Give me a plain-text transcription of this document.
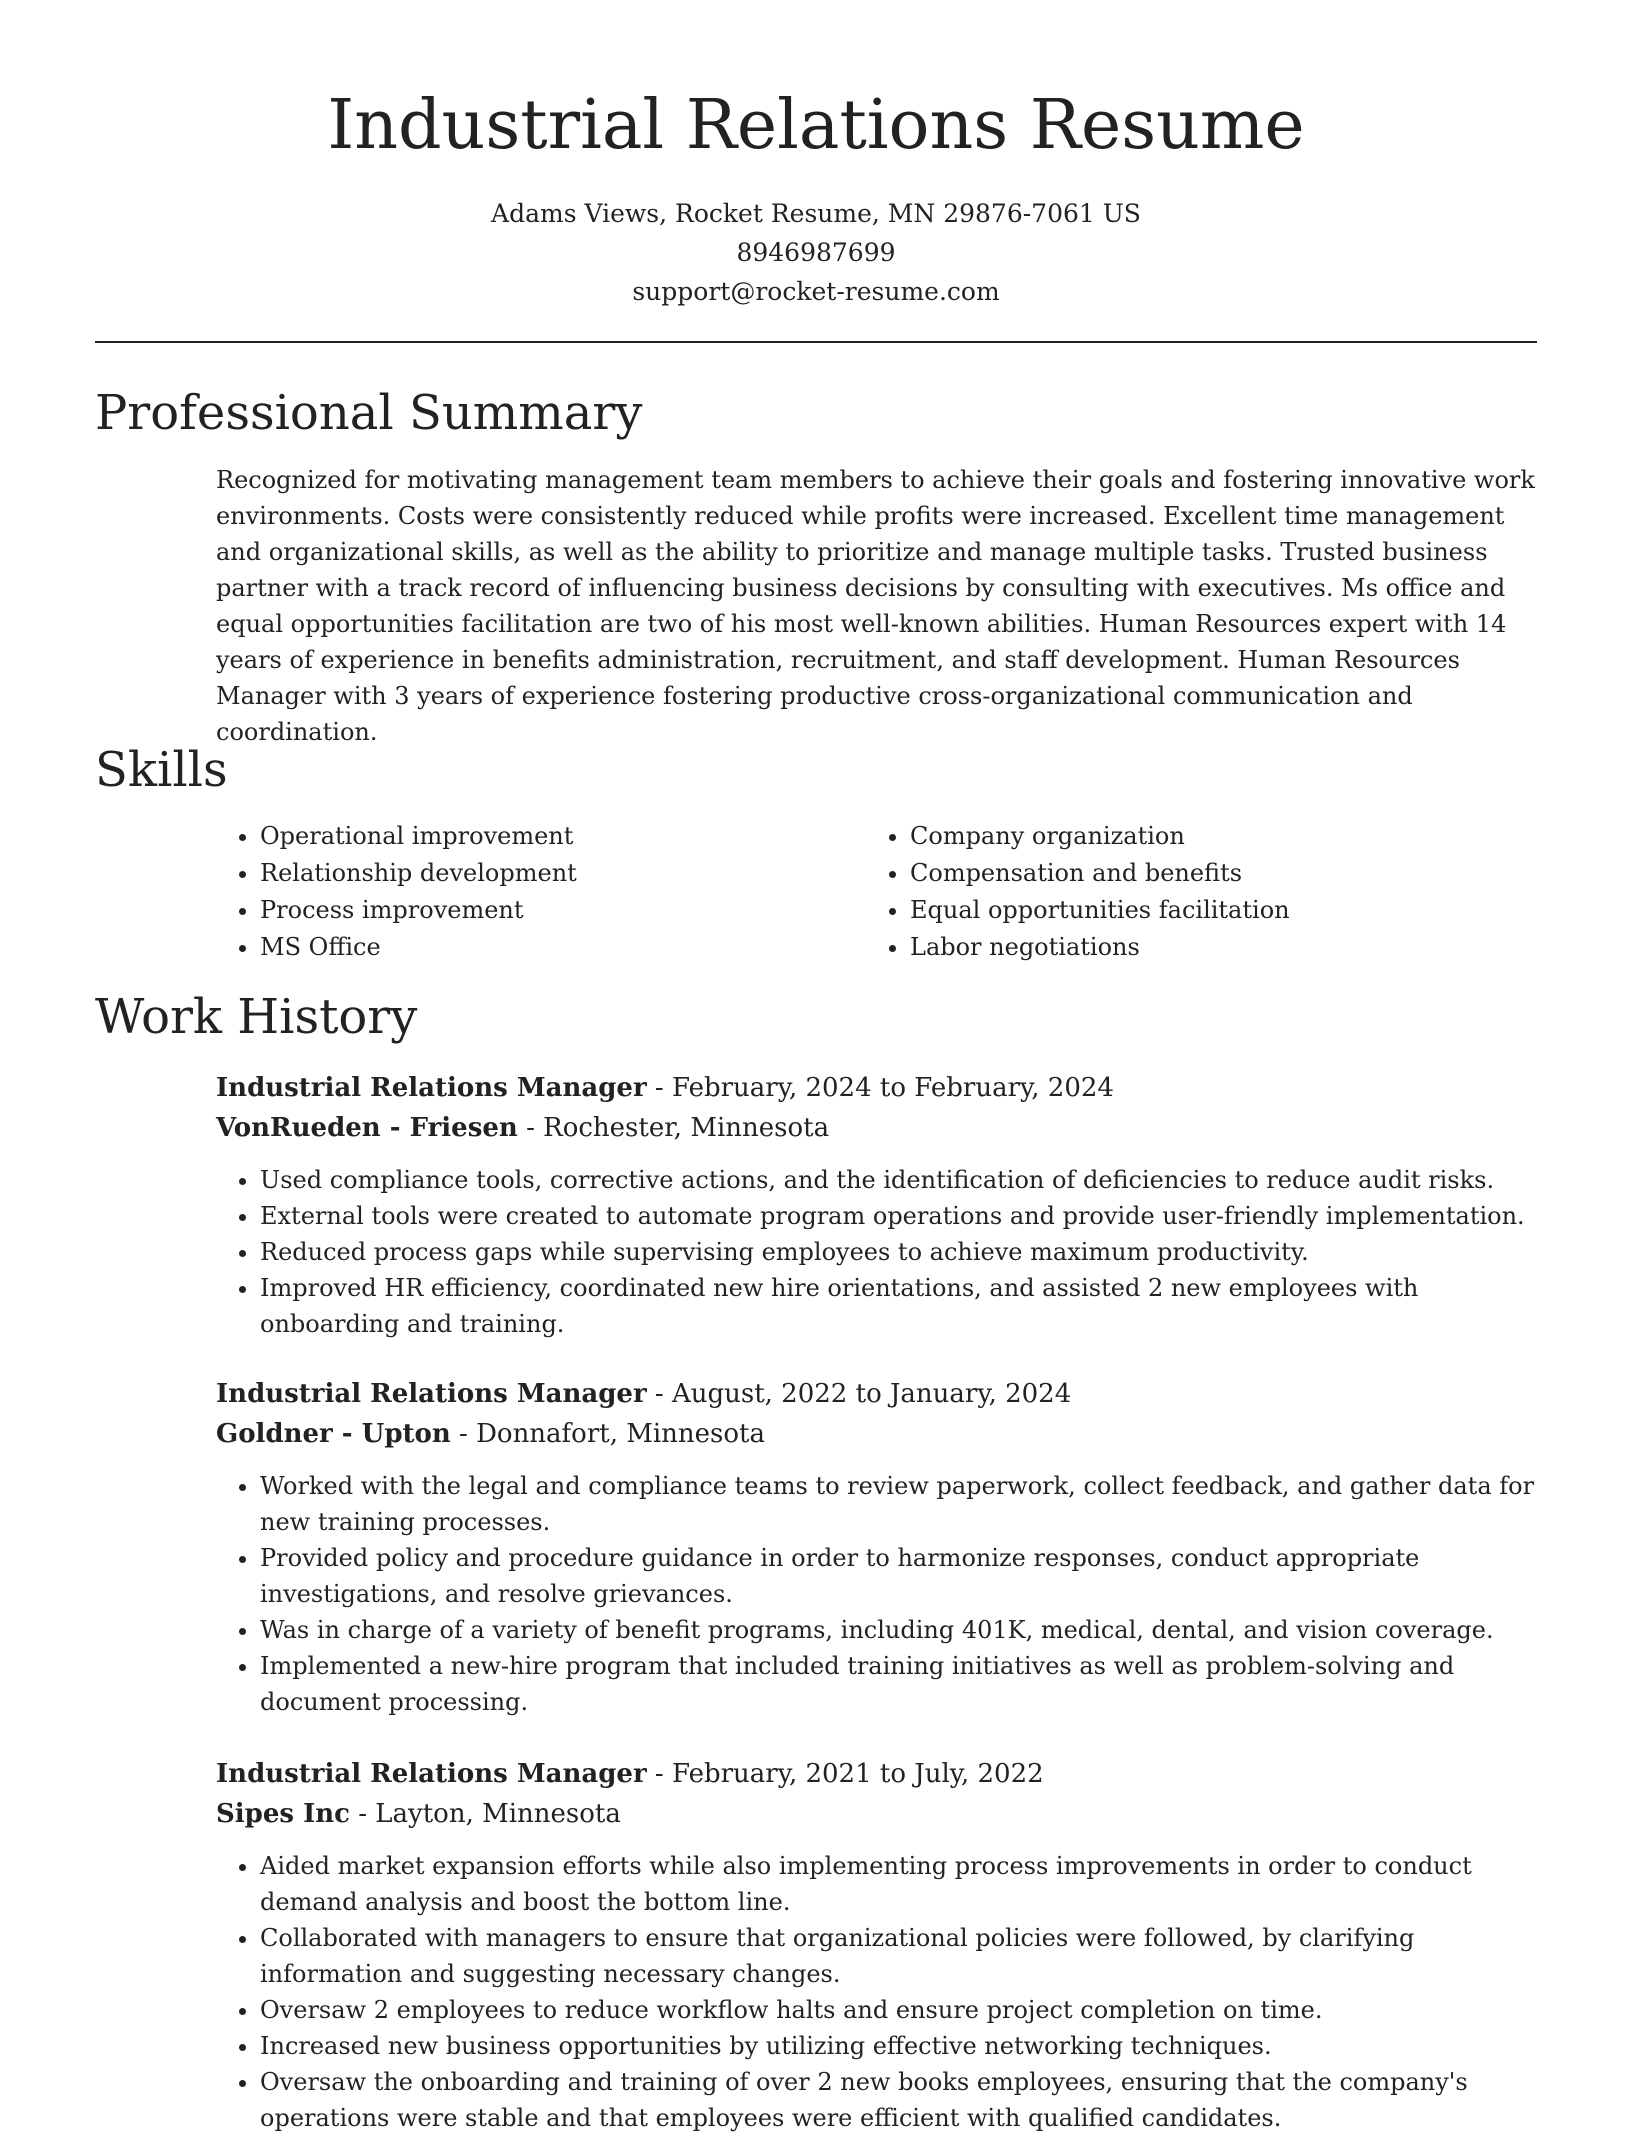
Industrial Relations Resume
Adams Views, Rocket Resume, MN 29876-7061 US
8946987699
support@rocket-resume.com
Professional Summary

Recognized for motivating management team members to achieve their goals and fostering innovative work environments. Costs were consistently reduced while profits were increased. Excellent time management and organizational skills, as well as the ability to prioritize and manage multiple tasks. Trusted business partner with a track record of influencing business decisions by consulting with executives. Ms office and equal opportunities facilitation are two of his most well-known abilities. Human Resources expert with 14 years of experience in benefits administration, recruitment, and staff development. Human Resources Manager with 3 years of experience fostering productive cross-organizational communication and coordination.

Skills
• Operational improvement
• Relationship development
• Process improvement
• MS Office
• Company organization
• Compensation and benefits
• Equal opportunities facilitation
• Labor negotiations
Work History
Industrial Relations Manager - February, 2024 to February, 2024
VonRueden - Friesen - Rochester, Minnesota
• Used compliance tools, corrective actions, and the identification of deficiencies to reduce audit risks.
• External tools were created to automate program operations and provide user-friendly implementation.
• Reduced process gaps while supervising employees to achieve maximum productivity.
• Improved HR efficiency, coordinated new hire orientations, and assisted 2 new employees with onboarding and training.
Industrial Relations Manager - August, 2022 to January, 2024
Goldner - Upton - Donnafort, Minnesota
• Worked with the legal and compliance teams to review paperwork, collect feedback, and gather data for new training processes.
• Provided policy and procedure guidance in order to harmonize responses, conduct appropriate investigations, and resolve grievances.
• Was in charge of a variety of benefit programs, including 401K, medical, dental, and vision coverage.
• Implemented a new-hire program that included training initiatives as well as problem-solving and document processing.
Industrial Relations Manager - February, 2021 to July, 2022
Sipes Inc - Layton, Minnesota
• Aided market expansion efforts while also implementing process improvements in order to conduct demand analysis and boost the bottom line.
• Collaborated with managers to ensure that organizational policies were followed, by clarifying information and suggesting necessary changes.
• Oversaw 2 employees to reduce workflow halts and ensure project completion on time.
• Increased new business opportunities by utilizing effective networking techniques.
• Oversaw the onboarding and training of over 2 new books employees, ensuring that the company's operations were stable and that employees were efficient with qualified candidates.
